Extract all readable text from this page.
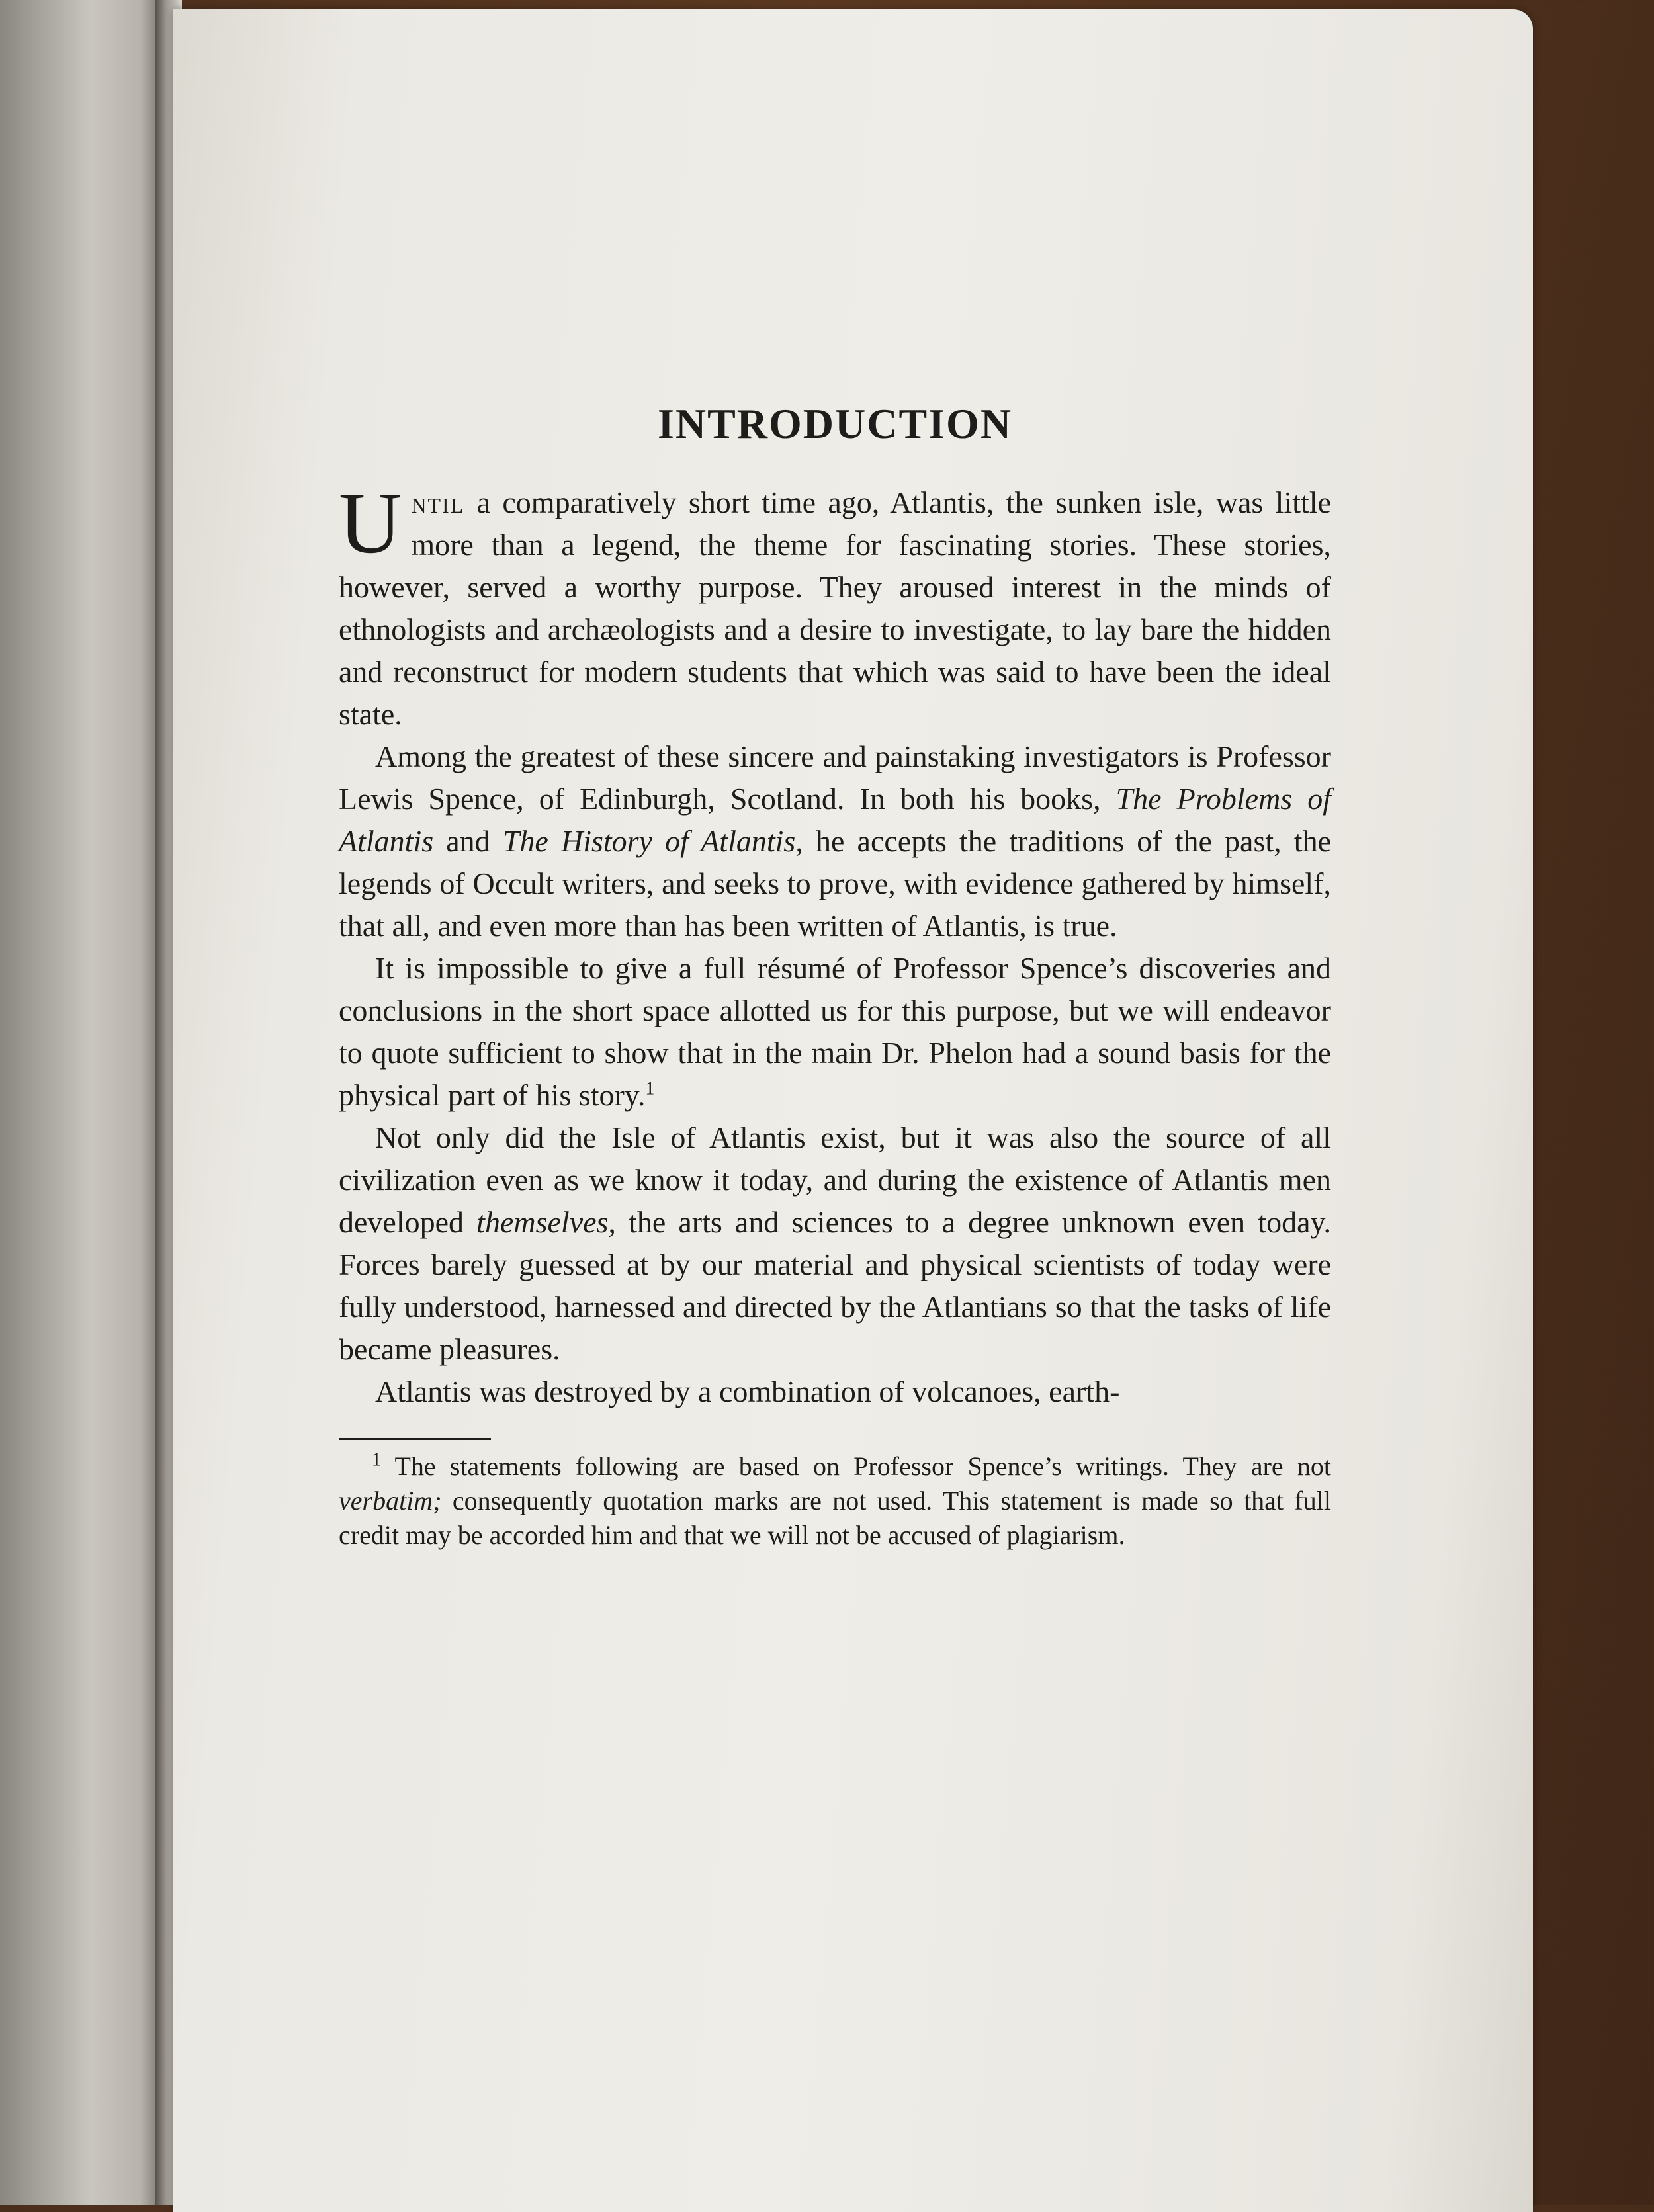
INTRODUCTION

Until a comparatively short time ago, Atlantis, the sunken isle, was little more than a legend, the theme for fascinating stories. These stories, however, served a worthy purpose. They aroused interest in the minds of ethnologists and archæologists and a desire to investigate, to lay bare the hidden and reconstruct for modern students that which was said to have been the ideal state.

Among the greatest of these sincere and painstaking investigators is Professor Lewis Spence, of Edinburgh, Scotland. In both his books, The Problems of Atlantis and The History of Atlantis, he accepts the traditions of the past, the legends of Occult writers, and seeks to prove, with evidence gathered by himself, that all, and even more than has been written of Atlantis, is true.

It is impossible to give a full résumé of Professor Spence’s discoveries and conclusions in the short space allotted us for this purpose, but we will endeavor to quote sufficient to show that in the main Dr. Phelon had a sound basis for the physical part of his story.$^1$

Not only did the Isle of Atlantis exist, but it was also the source of all civilization even as we know it today, and during the existence of Atlantis men developed themselves, the arts and sciences to a degree unknown even today. Forces barely guessed at by our material and physical scientists of today were fully understood, harnessed and directed by the Atlantians so that the tasks of life became pleasures.

Atlantis was destroyed by a combination of volcanoes, earth-

$^1$ The statements following are based on Professor Spence’s writings. They are not verbatim; consequently quotation marks are not used. This statement is made so that full credit may be accorded him and that we will not be accused of plagiarism.
